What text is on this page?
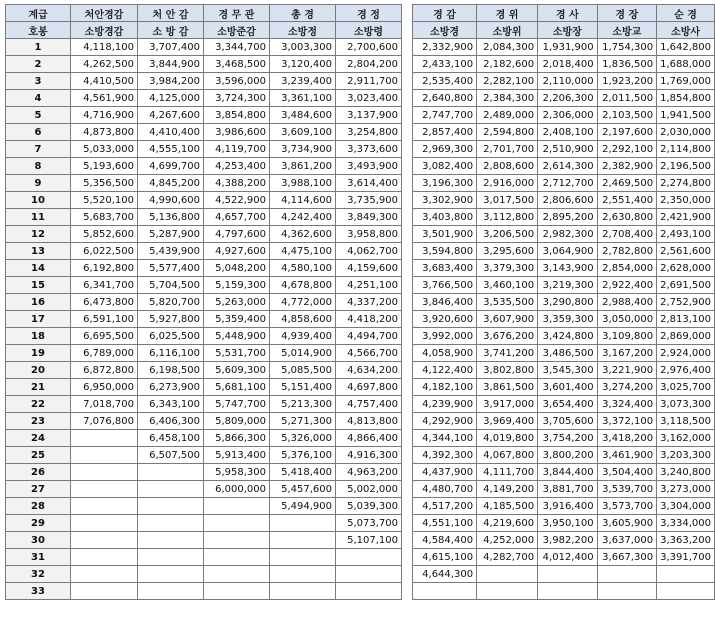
계급	처안경감	처 안 감	경 무 관	총 경	경 정
호봉	소방경감	소 방 감	소방준감	소방정	소방령
1	4,118,100	3,707,400	3,344,700	3,003,300	2,700,600
2	4,262,500	3,844,900	3,468,500	3,120,400	2,804,200
3	4,410,500	3,984,200	3,596,000	3,239,400	2,911,700
4	4,561,900	4,125,000	3,724,300	3,361,100	3,023,400
5	4,716,900	4,267,600	3,854,800	3,484,600	3,137,900
6	4,873,800	4,410,400	3,986,600	3,609,100	3,254,800
7	5,033,000	4,555,100	4,119,700	3,734,900	3,373,600
8	5,193,600	4,699,700	4,253,400	3,861,200	3,493,900
9	5,356,500	4,845,200	4,388,200	3,988,100	3,614,400
10	5,520,100	4,990,600	4,522,900	4,114,600	3,735,900
11	5,683,700	5,136,800	4,657,700	4,242,400	3,849,300
12	5,852,600	5,287,900	4,797,600	4,362,600	3,958,800
13	6,022,500	5,439,900	4,927,600	4,475,100	4,062,700
14	6,192,800	5,577,400	5,048,200	4,580,100	4,159,600
15	6,341,700	5,704,500	5,159,300	4,678,800	4,251,100
16	6,473,800	5,820,700	5,263,000	4,772,000	4,337,200
17	6,591,100	5,927,800	5,359,400	4,858,600	4,418,200
18	6,695,500	6,025,500	5,448,900	4,939,400	4,494,700
19	6,789,000	6,116,100	5,531,700	5,014,900	4,566,700
20	6,872,800	6,198,500	5,609,300	5,085,500	4,634,200
21	6,950,000	6,273,900	5,681,100	5,151,400	4,697,800
22	7,018,700	6,343,100	5,747,700	5,213,300	4,757,400
23	7,076,800	6,406,300	5,809,000	5,271,300	4,813,800
24		6,458,100	5,866,300	5,326,000	4,866,400
25		6,507,500	5,913,400	5,376,100	4,916,300
26			5,958,300	5,418,400	4,963,200
27			6,000,000	5,457,600	5,002,000
28				5,494,900	5,039,300
29					5,073,700
30					5,107,100
31					
32					
33					
경 감	경 위	경 사	경 장	순 경
소방경	소방위	소방장	소방교	소방사
2,332,900	2,084,300	1,931,900	1,754,300	1,642,800
2,433,100	2,182,600	2,018,400	1,836,500	1,688,000
2,535,400	2,282,100	2,110,000	1,923,200	1,769,000
2,640,800	2,384,300	2,206,300	2,011,500	1,854,800
2,747,700	2,489,000	2,306,000	2,103,500	1,941,500
2,857,400	2,594,800	2,408,100	2,197,600	2,030,000
2,969,300	2,701,700	2,510,900	2,292,100	2,114,800
3,082,400	2,808,600	2,614,300	2,382,900	2,196,500
3,196,300	2,916,000	2,712,700	2,469,500	2,274,800
3,302,900	3,017,500	2,806,600	2,551,400	2,350,000
3,403,800	3,112,800	2,895,200	2,630,800	2,421,900
3,501,900	3,206,500	2,982,300	2,708,400	2,493,100
3,594,800	3,295,600	3,064,900	2,782,800	2,561,600
3,683,400	3,379,300	3,143,900	2,854,000	2,628,000
3,766,500	3,460,100	3,219,300	2,922,400	2,691,500
3,846,400	3,535,500	3,290,800	2,988,400	2,752,900
3,920,600	3,607,900	3,359,300	3,050,000	2,813,100
3,992,000	3,676,200	3,424,800	3,109,800	2,869,000
4,058,900	3,741,200	3,486,500	3,167,200	2,924,000
4,122,400	3,802,800	3,545,300	3,221,900	2,976,400
4,182,100	3,861,500	3,601,400	3,274,200	3,025,700
4,239,900	3,917,000	3,654,400	3,324,400	3,073,300
4,292,900	3,969,400	3,705,600	3,372,100	3,118,500
4,344,100	4,019,800	3,754,200	3,418,200	3,162,000
4,392,300	4,067,800	3,800,200	3,461,900	3,203,300
4,437,900	4,111,700	3,844,400	3,504,400	3,240,800
4,480,700	4,149,200	3,881,700	3,539,700	3,273,000
4,517,200	4,185,500	3,916,400	3,573,700	3,304,000
4,551,100	4,219,600	3,950,100	3,605,900	3,334,000
4,584,400	4,252,000	3,982,200	3,637,000	3,363,200
4,615,100	4,282,700	4,012,400	3,667,300	3,391,700
4,644,300				
